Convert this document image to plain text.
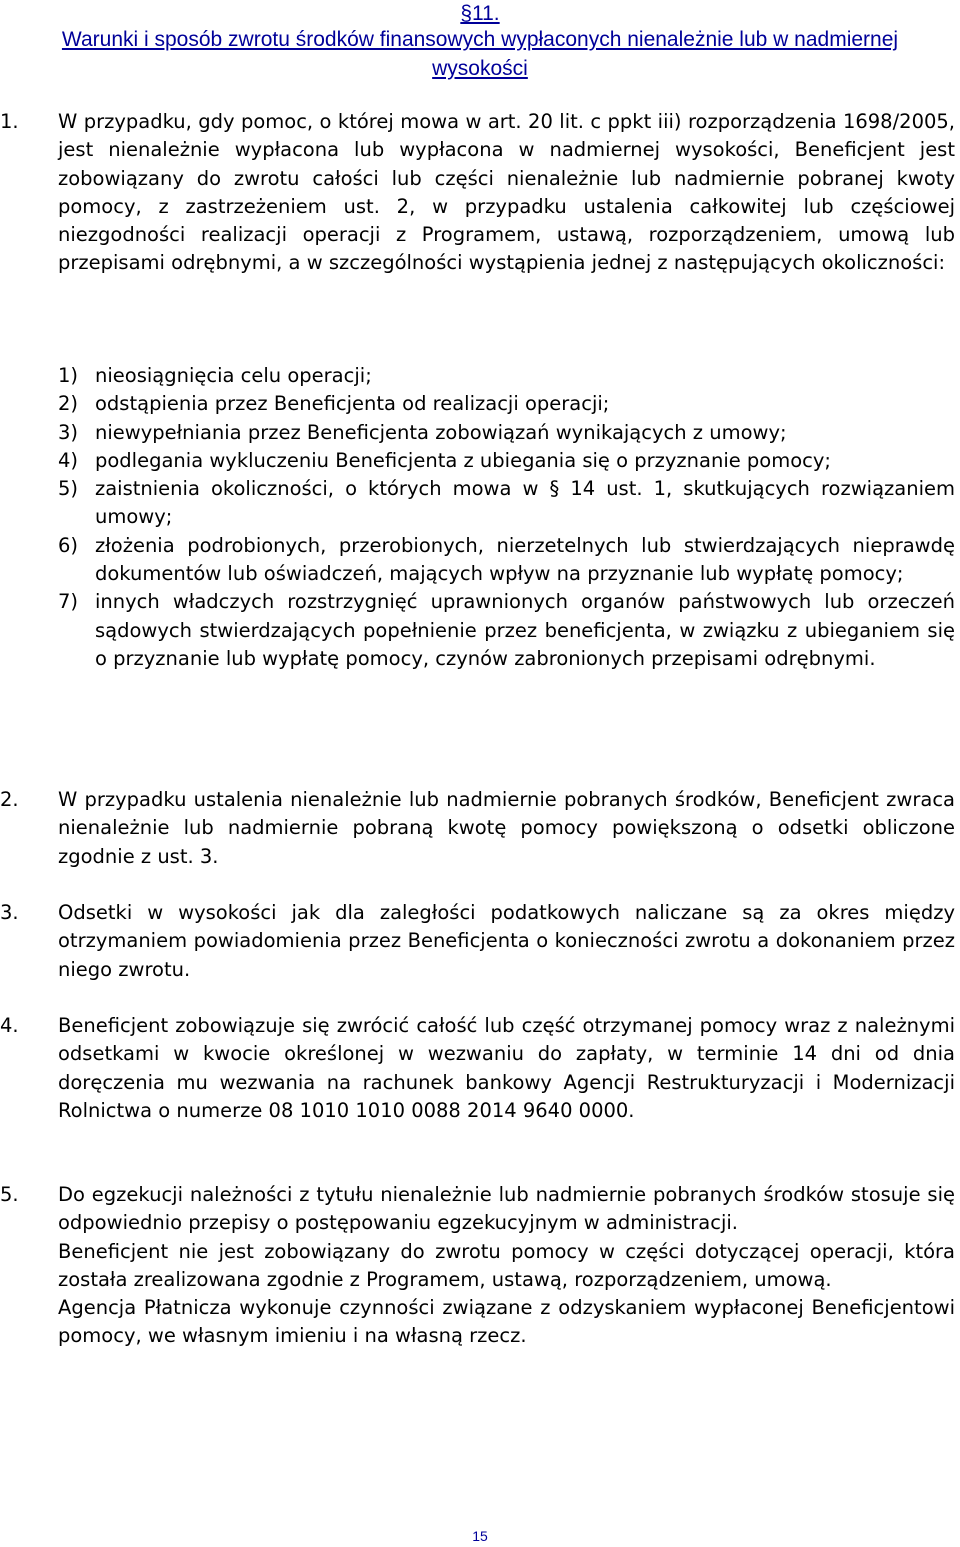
§11.
Warunki i sposób zwrotu środków finansowych wypłaconych nienależnie lub w nadmiernej wysokości
1. W przypadku, gdy pomoc, o której mowa w art. 20 lit. c ppkt iii) rozporządzenia 1698/2005, jest nienależnie wypłacona lub wypłacona w nadmiernej wysokości, Beneficjent jest zobowiązany do zwrotu całości lub części nienależnie lub nadmiernie pobranej kwoty pomocy, z zastrzeżeniem ust. 2, w przypadku ustalenia całkowitej lub częściowej niezgodności realizacji operacji z Programem, ustawą, rozporządzeniem, umową lub przepisami odrębnymi, a w szczególności wystąpienia jednej z następujących okoliczności:
1) nieosiągnięcia celu operacji;
2) odstąpienia przez Beneficjenta od realizacji operacji;
3) niewypełniania przez Beneficjenta zobowiązań wynikających z umowy;
4) podlegania wykluczeniu Beneficjenta z ubiegania się o przyznanie pomocy;
5) zaistnienia okoliczności, o których mowa w § 14 ust. 1, skutkujących rozwiązaniem umowy;
6) złożenia podrobionych, przerobionych, nierzetelnych lub stwierdzających nieprawdę dokumentów lub oświadczeń, mających wpływ na przyznanie lub wypłatę pomocy;
7) innych władczych rozstrzygnięć uprawnionych organów państwowych lub orzeczeń sądowych stwierdzających popełnienie przez beneficjenta, w związku z ubieganiem się o przyznanie lub wypłatę pomocy, czynów zabronionych przepisami odrębnymi.
2. W przypadku ustalenia nienależnie lub nadmiernie pobranych środków, Beneficjent zwraca nienależnie lub nadmiernie pobraną kwotę pomocy powiększoną o odsetki obliczone zgodnie z ust. 3.
3. Odsetki w wysokości jak dla zaległości podatkowych naliczane są za okres między otrzymaniem powiadomienia przez Beneficjenta o konieczności zwrotu a dokonaniem przez niego zwrotu.
4. Beneficjent zobowiązuje się zwrócić całość lub część otrzymanej pomocy wraz z należnymi odsetkami w kwocie określonej w wezwaniu do zapłaty, w terminie 14 dni od dnia doręczenia mu wezwania na rachunek bankowy Agencji Restrukturyzacji i Modernizacji Rolnictwa o numerze 08 1010 1010 0088 2014 9640 0000.
5. Do egzekucji należności z tytułu nienależnie lub nadmiernie pobranych środków stosuje się odpowiednio przepisy o postępowaniu egzekucyjnym w administracji.
Beneficjent nie jest zobowiązany do zwrotu pomocy w części dotyczącej operacji, która została zrealizowana zgodnie z Programem, ustawą, rozporządzeniem, umową.
Agencja Płatnicza wykonuje czynności związane z odzyskaniem wypłaconej Beneficjentowi pomocy, we własnym imieniu i na własną rzecz.
15
